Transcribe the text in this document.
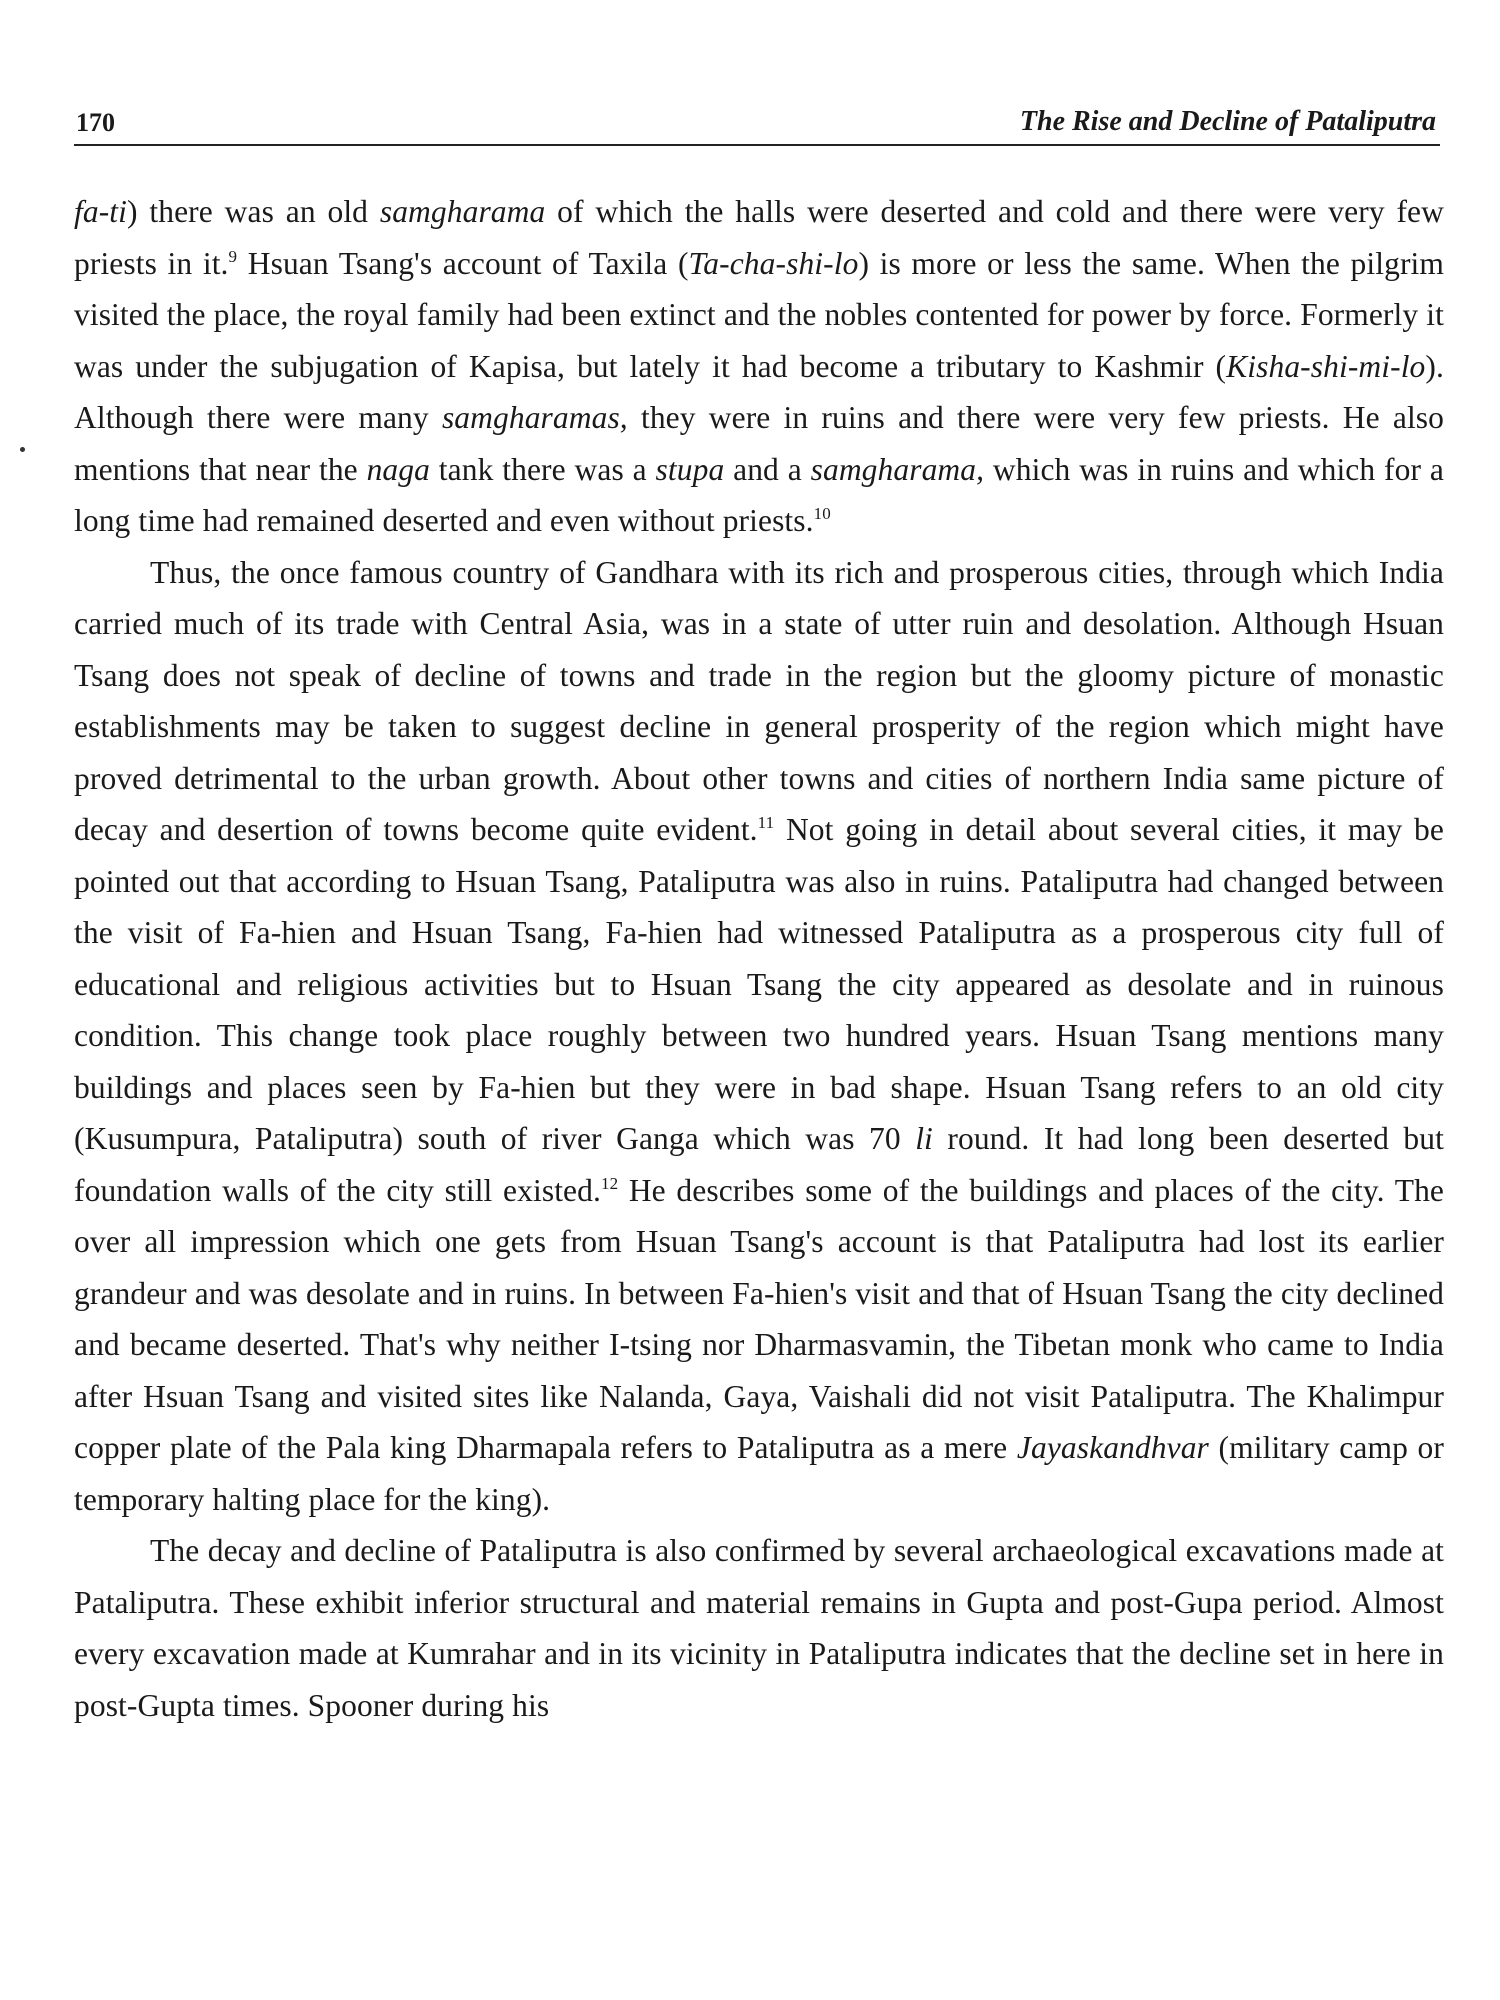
170	The Rise and Decline of Pataliputra

fa-ti) there was an old samgharama of which the halls were deserted and cold and there were very few priests in it.$^9$ Hsuan Tsang's account of Taxila (Ta-cha-shi-lo) is more or less the same. When the pilgrim visited the place, the royal family had been extinct and the nobles contented for power by force. Formerly it was under the subjugation of Kapisa, but lately it had become a tributary to Kashmir (Kisha-shi-mi-lo). Although there were many samgharamas, they were in ruins and there were very few priests. He also mentions that near the naga tank there was a stupa and a samgharama, which was in ruins and which for a long time had remained deserted and even without priests.$^{10}$

Thus, the once famous country of Gandhara with its rich and prosperous cities, through which India carried much of its trade with Central Asia, was in a state of utter ruin and desolation. Although Hsuan Tsang does not speak of decline of towns and trade in the region but the gloomy picture of monastic establishments may be taken to suggest decline in general prosperity of the region which might have proved detrimental to the urban growth. About other towns and cities of northern India same picture of decay and desertion of towns become quite evident.$^{11}$ Not going in detail about several cities, it may be pointed out that according to Hsuan Tsang, Pataliputra was also in ruins. Pataliputra had changed between the visit of Fa-hien and Hsuan Tsang, Fa-hien had witnessed Pataliputra as a prosperous city full of educational and religious activities but to Hsuan Tsang the city appeared as desolate and in ruinous condition. This change took place roughly between two hundred years. Hsuan Tsang mentions many buildings and places seen by Fa-hien but they were in bad shape. Hsuan Tsang refers to an old city (Kusumpura, Pataliputra) south of river Ganga which was 70 li round. It had long been deserted but foundation walls of the city still existed.$^{12}$ He describes some of the buildings and places of the city. The over all impression which one gets from Hsuan Tsang's account is that Pataliputra had lost its earlier grandeur and was desolate and in ruins. In between Fa-hien's visit and that of Hsuan Tsang the city declined and became deserted. That's why neither I-tsing nor Dharmasvamin, the Tibetan monk who came to India after Hsuan Tsang and visited sites like Nalanda, Gaya, Vaishali did not visit Pataliputra. The Khalimpur copper plate of the Pala king Dharmapala refers to Pataliputra as a mere Jayaskandhvar (military camp or temporary halting place for the king).

The decay and decline of Pataliputra is also confirmed by several archaeological excavations made at Pataliputra. These exhibit inferior structural and material remains in Gupta and post-Gupa period. Almost every excavation made at Kumrahar and in its vicinity in Pataliputra indicates that the decline set in here in post-Gupta times. Spooner during his
